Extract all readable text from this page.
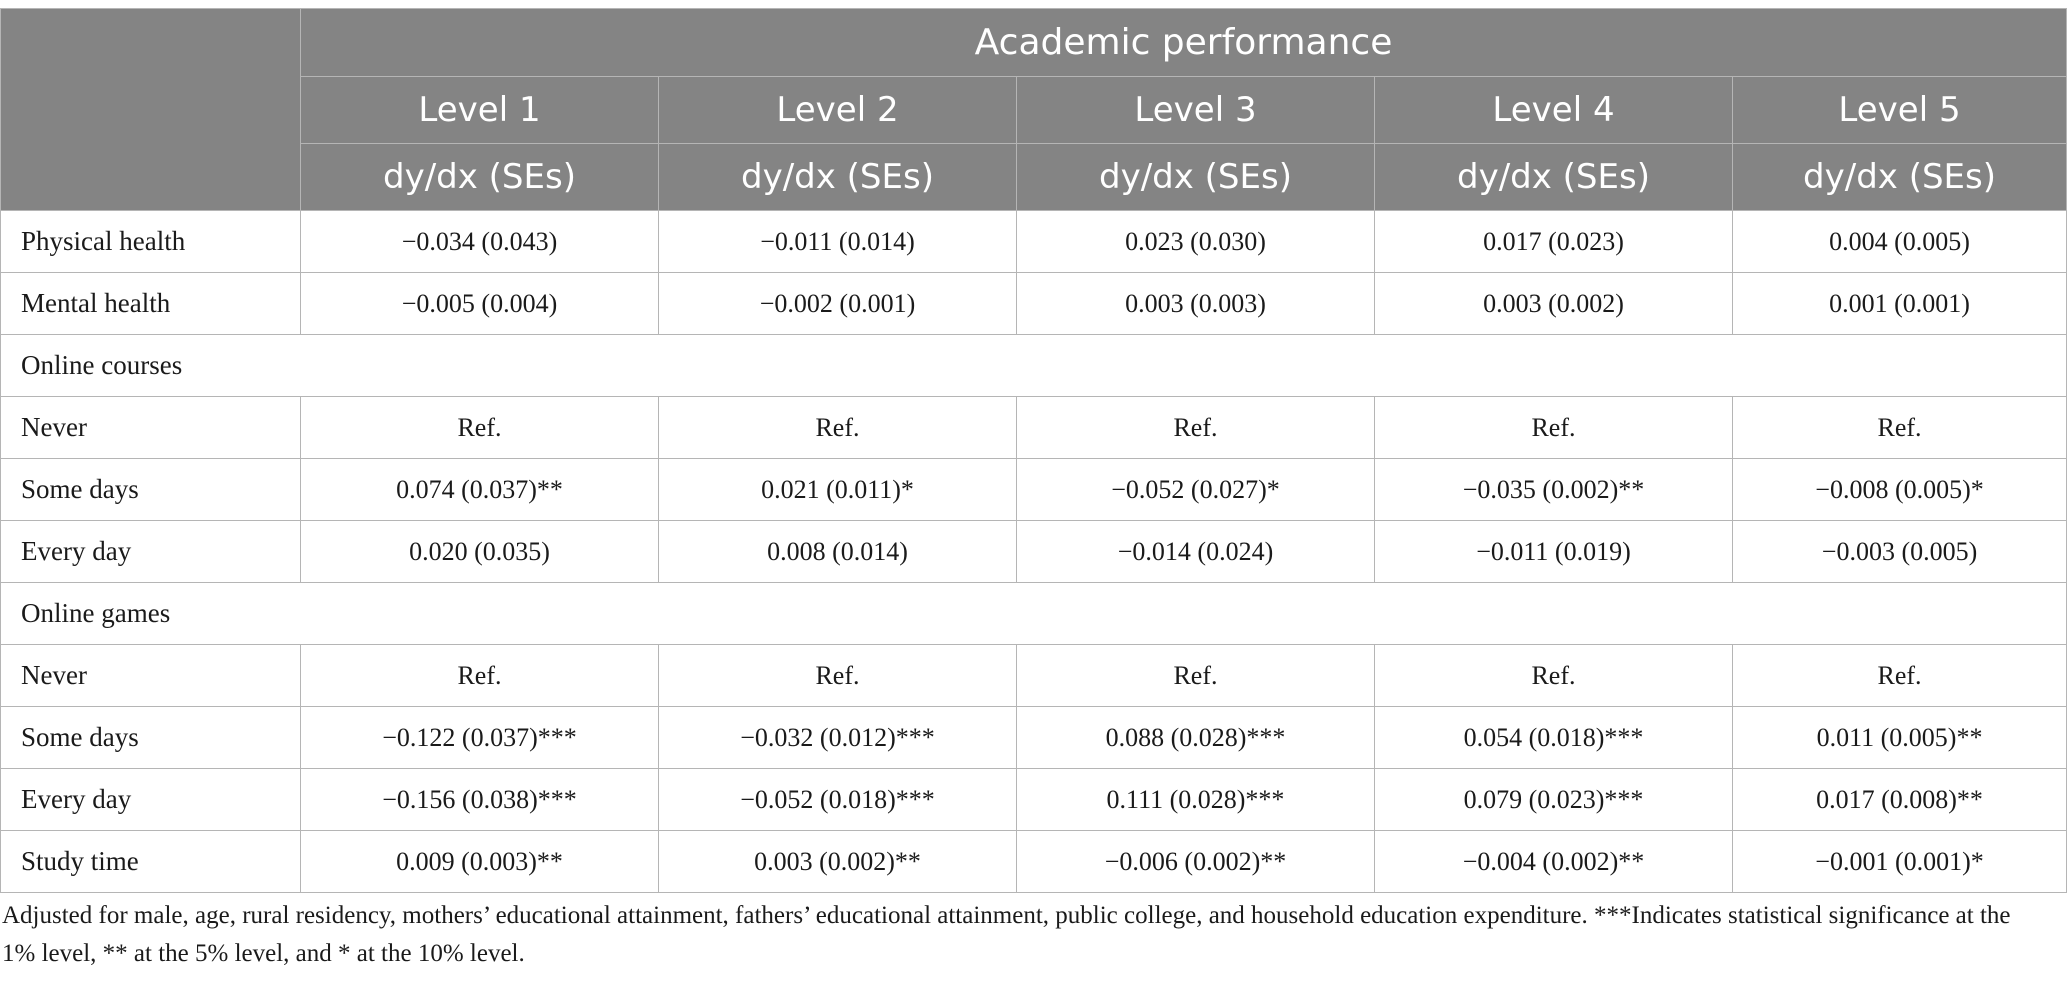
	Academic performance				
	Level 1	Level 2	Level 3	Level 4	Level 5
	dy/dx (SEs)	dy/dx (SEs)	dy/dx (SEs)	dy/dx (SEs)	dy/dx (SEs)
Physical health	−0.034 (0.043)	−0.011 (0.014)	0.023 (0.030)	0.017 (0.023)	0.004 (0.005)
Mental health	−0.005 (0.004)	−0.002 (0.001)	0.003 (0.003)	0.003 (0.002)	0.001 (0.001)
Online courses					
Never	Ref.	Ref.	Ref.	Ref.	Ref.
Some days	0.074 (0.037)**	0.021 (0.011)*	−0.052 (0.027)*	−0.035 (0.002)**	−0.008 (0.005)*
Every day	0.020 (0.035)	0.008 (0.014)	−0.014 (0.024)	−0.011 (0.019)	−0.003 (0.005)
Online games					
Never	Ref.	Ref.	Ref.	Ref.	Ref.
Some days	−0.122 (0.037)***	−0.032 (0.012)***	0.088 (0.028)***	0.054 (0.018)***	0.011 (0.005)**
Every day	−0.156 (0.038)***	−0.052 (0.018)***	0.111 (0.028)***	0.079 (0.023)***	0.017 (0.008)**
Study time	0.009 (0.003)**	0.003 (0.002)**	−0.006 (0.002)**	−0.004 (0.002)**	−0.001 (0.001)*
Adjusted for male, age, rural residency, mothers’ educational attainment, fathers’ educational attainment, public college, and household education expenditure. ***Indicates statistical significance at the 1% level, ** at the 5% level, and * at the 10% level.
